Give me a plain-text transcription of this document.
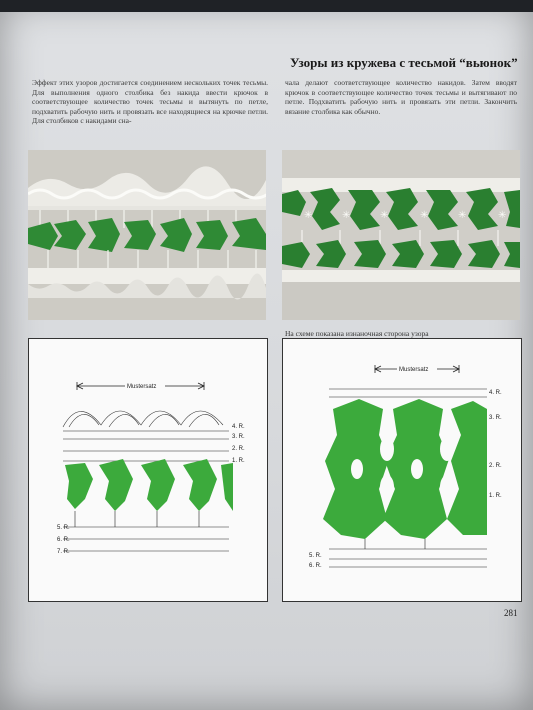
Узоры из кружева с тесьмой “вьюнок”
Эффект этих узоров достигается соединением нескольких точек тесьмы. Для выполнения одного столбика без накида ввести крючок в соответствующее количество точек тесьмы и вытянуть по петле, подхватить рабочую нить и провязать все находящиеся на крючке петли. Для столбиков с накидами сна-
чала делают соответствующее количество накидов. Затем вводят крючок в соответствующее количество точек тесьмы и вытягивают по петле. Подхватить рабочую нить и провязать эти петли. Закончить вязание столбика как обычно.
✳	✳	✳	✳	✳	✳
На схеме показана изнаночная сторона узора
Mustersatz
4. R.
3. R.
2. R.
1. R.
5. R.
6. R.
7. R.
Mustersatz
4. R.
3. R.
2. R.
1. R.
5. R.
6. R.
281
